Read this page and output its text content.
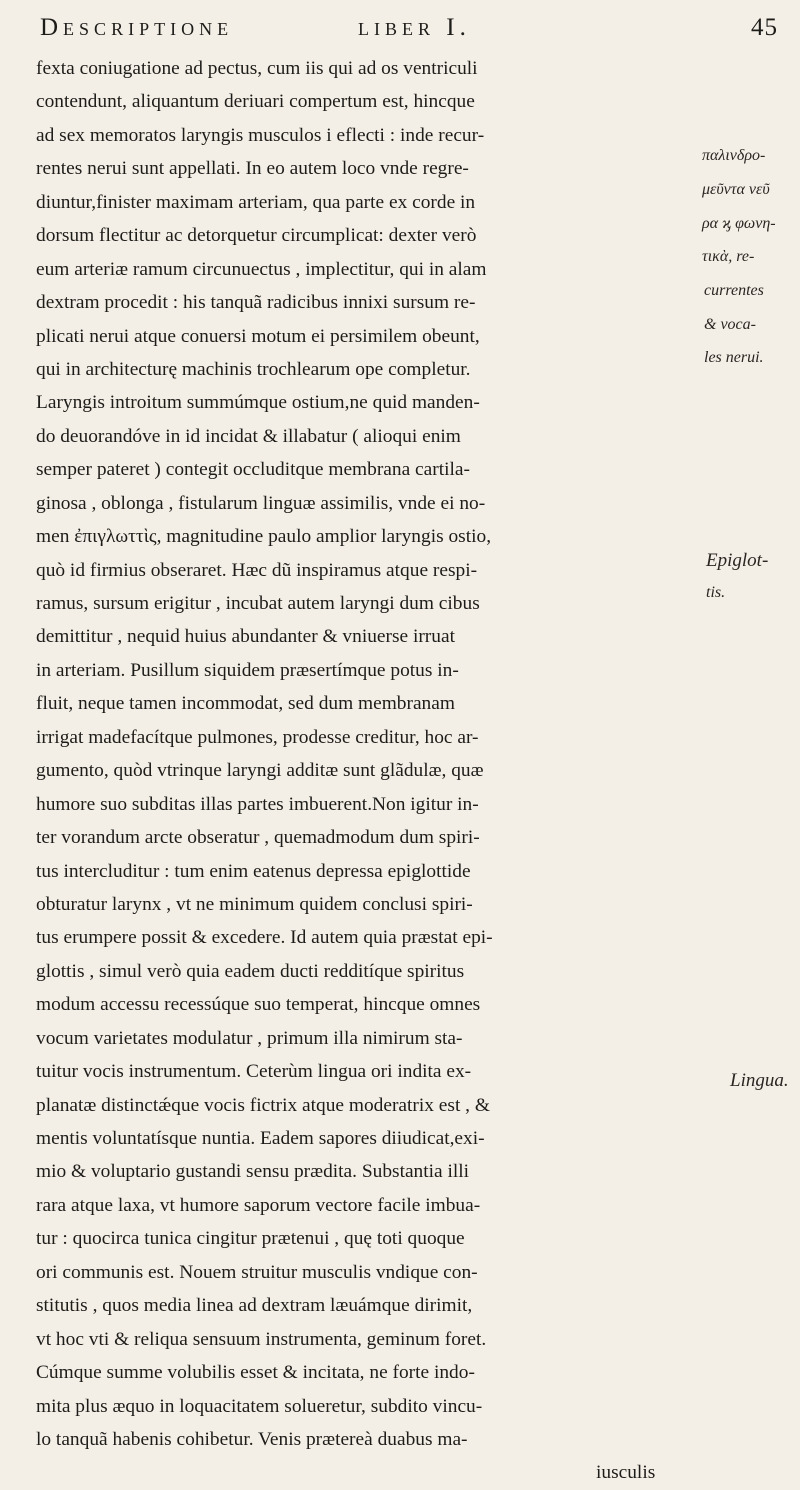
Descriptione	liber I.	45
fexta coniugatione ad pectus, cum iis qui ad os ventriculi
contendunt, aliquantum deriuari compertum est, hincque
ad sex memoratos laryngis musculos i eflecti : inde recur-
rentes nerui sunt appellati. In eo autem loco vnde regre-
diuntur,finister maximam arteriam, qua parte ex corde in
dorsum flectitur ac detorquetur circumplicat: dexter verò
eum arteriæ ramum circunuectus , implectitur, qui in alam
dextram procedit : his tanquã radicibus innixi sursum re-
plicati nerui atque conuersi motum ei persimilem obeunt,
qui in architecturę machinis trochlearum ope completur.
Laryngis introitum summúmque ostium,ne quid manden-
do deuorandóve in id incidat & illabatur ( alioqui enim
semper pateret ) contegit occluditque membrana cartila-
ginosa , oblonga , fistularum linguæ assimilis, vnde ei no-
men ἐπιγλωττὶς, magnitudine paulo amplior laryngis ostio,
quò id firmius obseraret. Hæc dũ inspiramus atque respi-
ramus, sursum erigitur , incubat autem laryngi dum cibus
demittitur , nequid huius abundanter & vniuerse irruat
in arteriam. Pusillum siquidem præsertímque potus in-
fluit, neque tamen incommodat, sed dum membranam
irrigat madefacítque pulmones, prodesse creditur, hoc ar-
gumento, quòd vtrinque laryngi additæ sunt glãdulæ, quæ
humore suo subditas illas partes imbuerent.Non igitur in-
ter vorandum arcte obseratur , quemadmodum dum spiri-
tus intercluditur : tum enim eatenus depressa epiglottide
obturatur larynx , vt ne minimum quidem conclusi spiri-
tus erumpere possit & excedere. Id autem quia præstat epi-
glottis , simul verò quia eadem ducti redditíque spiritus
modum accessu recessúque suo temperat, hincque omnes
vocum varietates modulatur , primum illa nimirum sta-
tuitur vocis instrumentum. Ceterùm lingua ori indita ex-
planatæ distinctǽque vocis fictrix atque moderatrix est , &
mentis voluntatísque nuntia. Eadem sapores diiudicat,exi-
mio & voluptario gustandi sensu prædita. Substantia illi
rara atque laxa, vt humore saporum vectore facile imbua-
tur : quocirca tunica cingitur prætenui , quę toti quoque
ori communis est. Nouem struitur musculis vndique con-
stitutis , quos media linea ad dextram læuámque dirimit,
vt hoc vti & reliqua sensuum instrumenta, geminum foret.
Cúmque summe volubilis esset & incitata, ne forte indo-
mita plus æquo in loquacitatem solueretur, subdito vincu-
lo tanquã habenis cohibetur. Venis prætereà duabus ma-
iusculis
παλινδρο-
μεῦντα νεῦ
ρα ϗ φωνη-
τικὰ, re-
currentes
& voca-
les nerui.
Epiglot-
tis.
Lingua.
